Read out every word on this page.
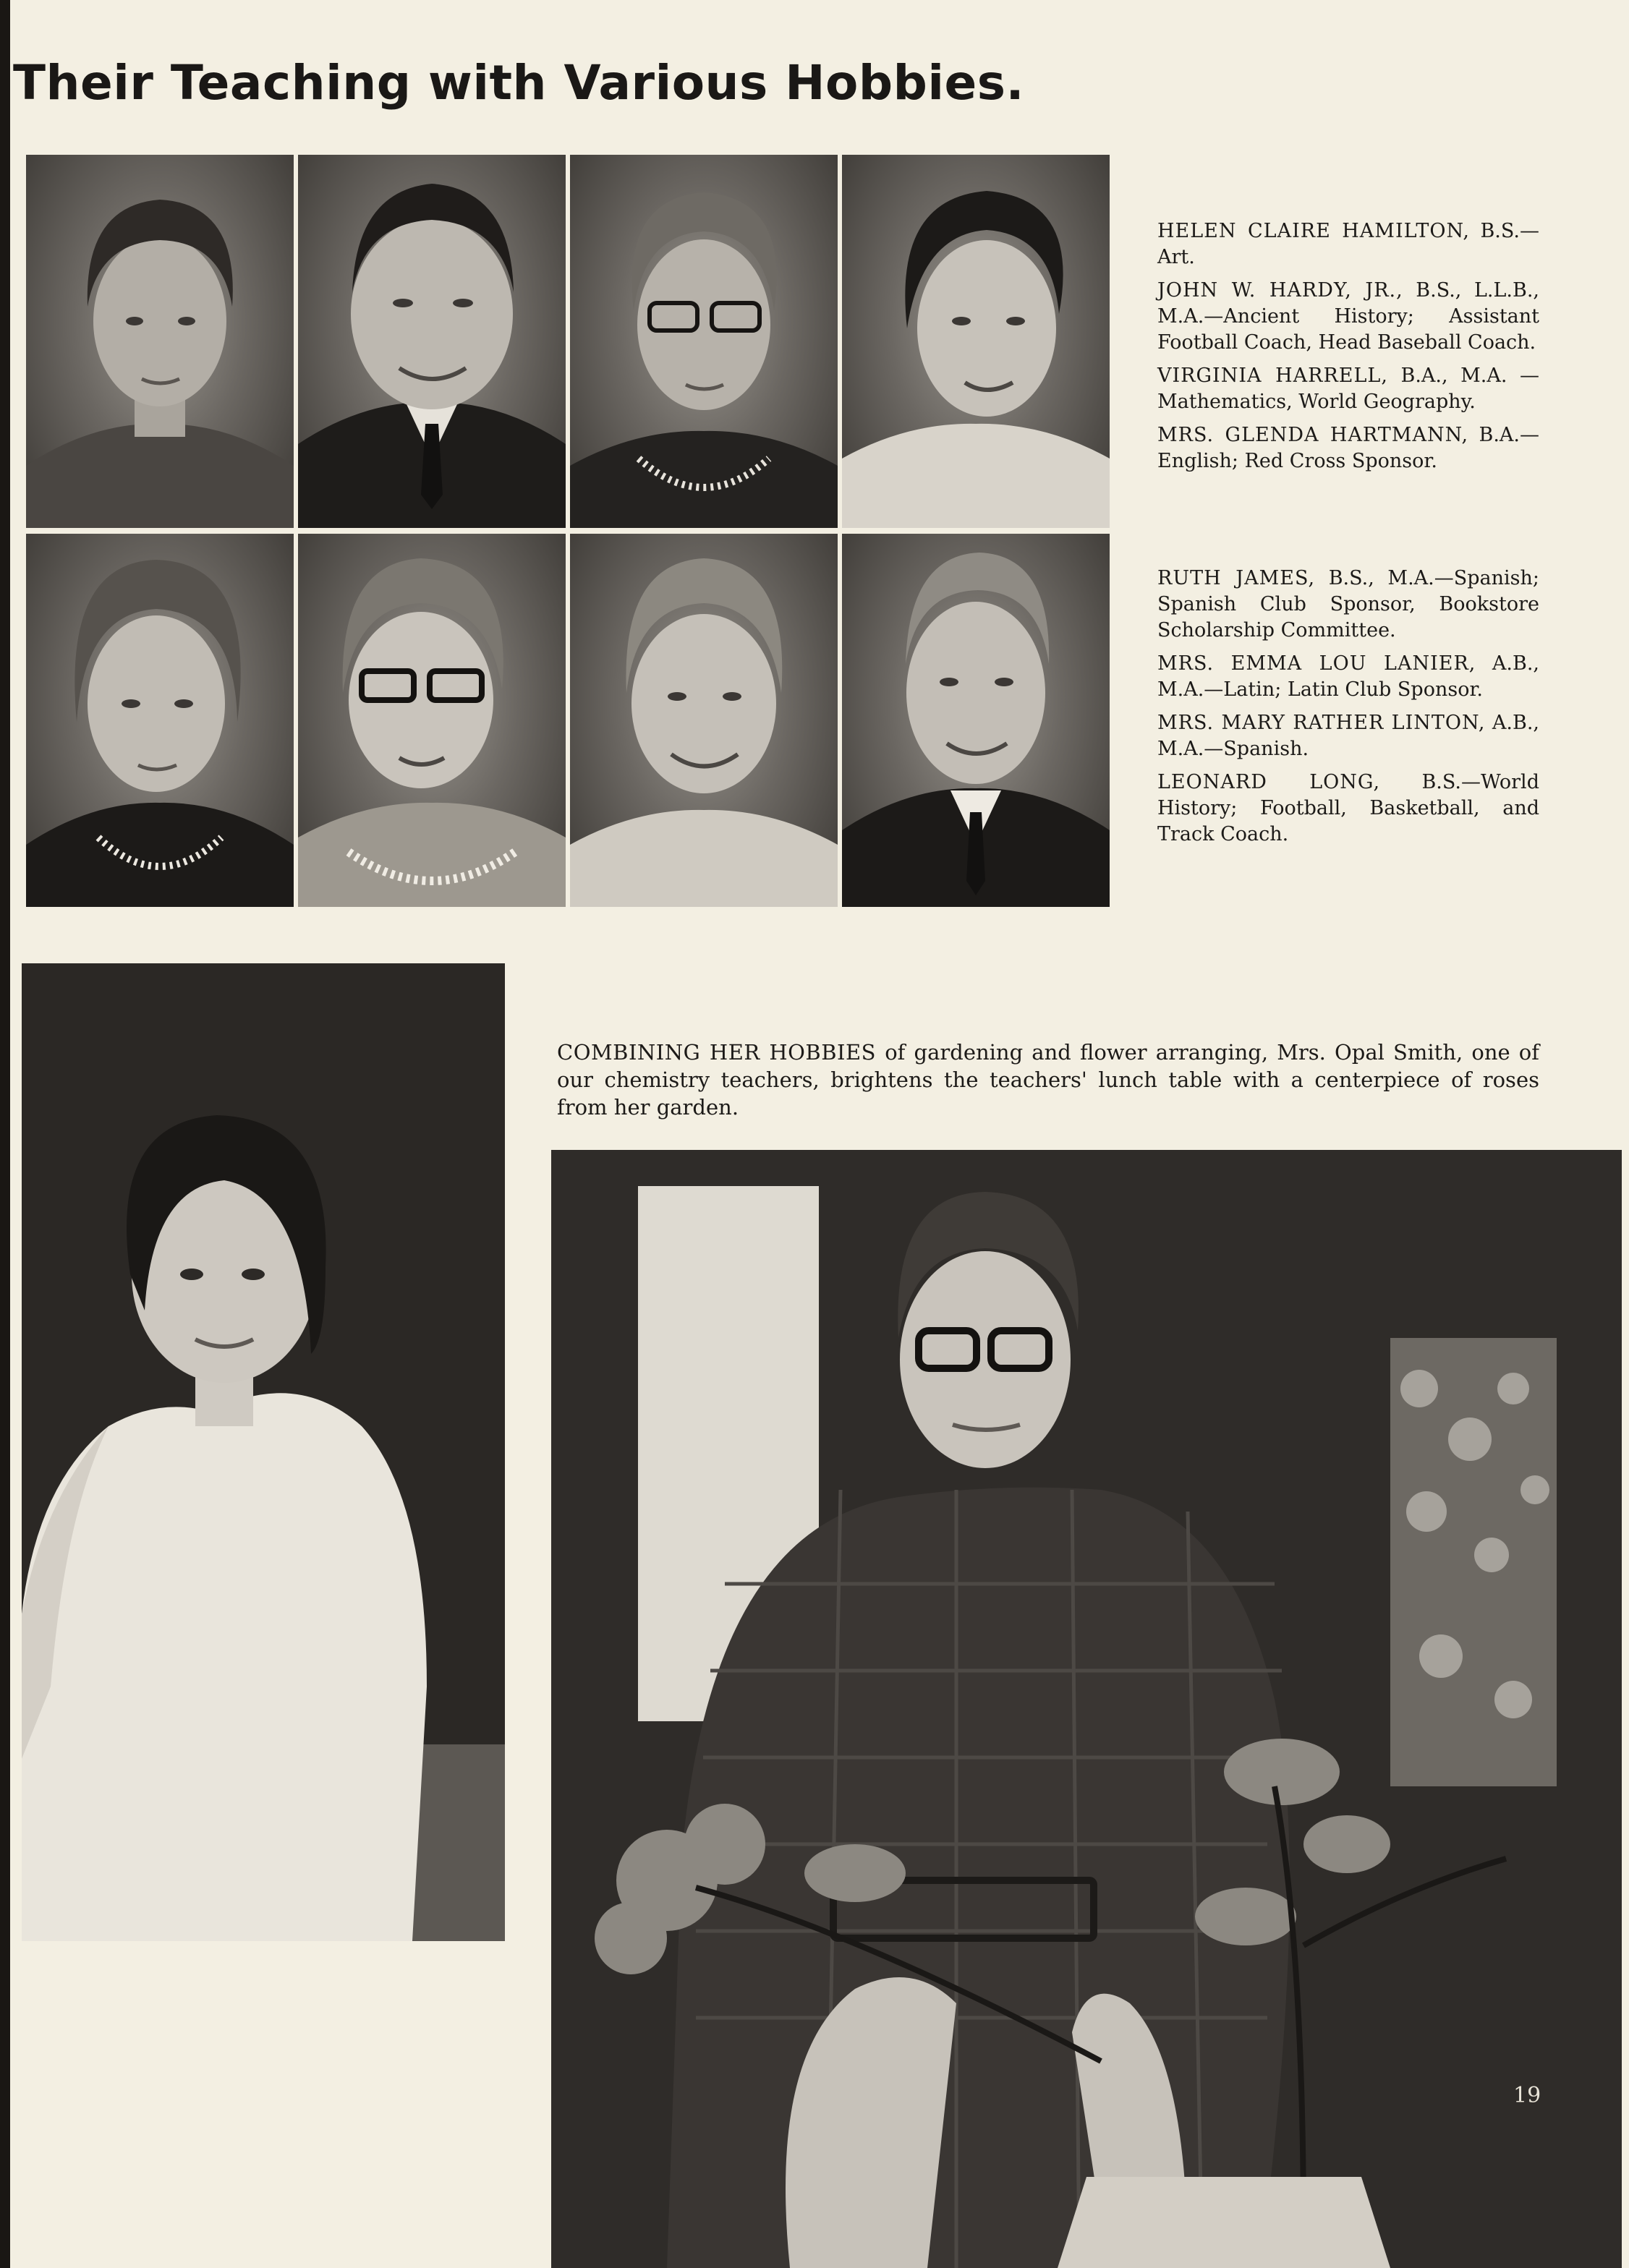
Their Teaching with Various Hobbies.
HELEN CLAIRE HAMILTON, B.S.—Art.
JOHN W. HARDY, JR., B.S., L.L.B., M.A.—Ancient History; Assistant Football Coach, Head Baseball Coach.
VIRGINIA HARRELL, B.A., M.A. —Mathematics, World Geography.
MRS. GLENDA HARTMANN, B.A.—English; Red Cross Sponsor.
RUTH JAMES, B.S., M.A.—Spanish; Spanish Club Sponsor, Bookstore Scholarship Committee.
MRS. EMMA LOU LANIER, A.B., M.A.—Latin; Latin Club Sponsor.
MRS. MARY RATHER LINTON, A.B., M.A.—Spanish.
LEONARD LONG, B.S.—World History; Football, Basketball, and Track Coach.

COMBINING HER HOBBIES of gardening and flower arranging, Mrs. Opal Smith, one of our chemistry teachers, brightens the teachers' lunch table with a centerpiece of roses from her garden.

19
